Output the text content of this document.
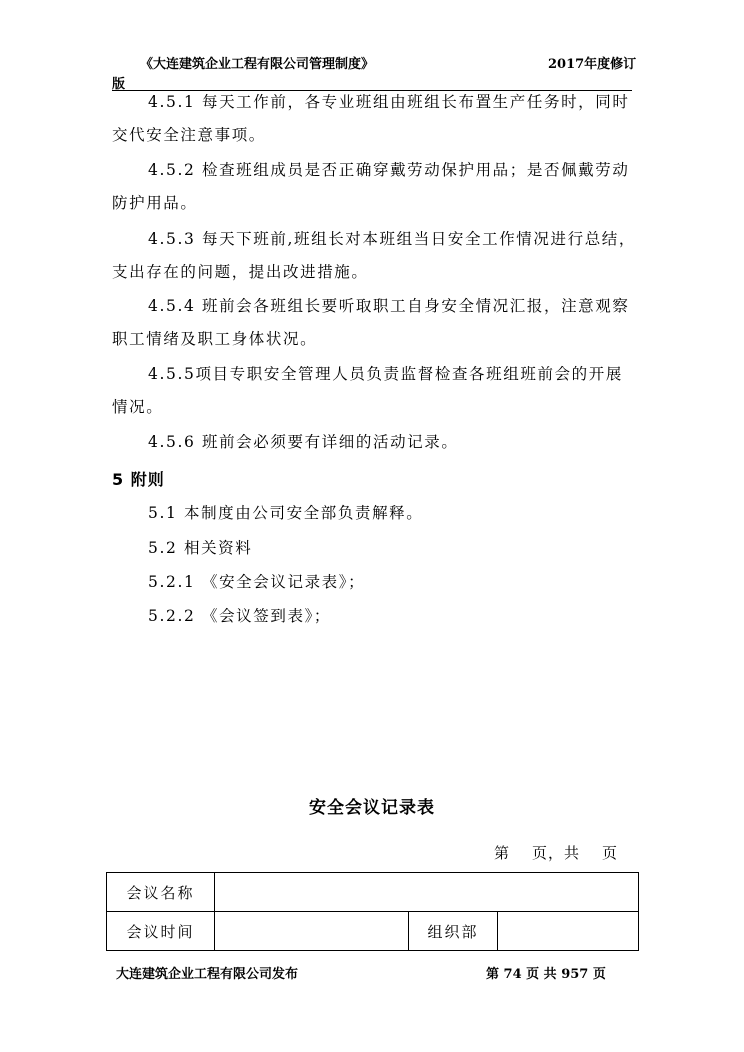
《大连建筑企业工程有限公司管理制度》	2017年度修订
版
4.5.1 每天工作前，各专业班组由班组长布置生产任务时，同时
交代安全注意事项。
4.5.2 检查班组成员是否正确穿戴劳动保护用品；是否佩戴劳动
防护用品。
4.5.3 每天下班前,班组长对本班组当日安全工作情况进行总结，
支出存在的问题，提出改进措施。
4.5.4 班前会各班组长要听取职工自身安全情况汇报，注意观察
职工情绪及职工身体状况。
4.5.5项目专职安全管理人员负责监督检查各班组班前会的开展
情况。
4.5.6 班前会必须要有详细的活动记录。
5 附则
5.1 本制度由公司安全部负责解释。
5.2 相关资料
5.2.1 《安全会议记录表》；
5.2.2 《会议签到表》；
安全会议记录表
第 页，共 页
会议名称			
会议时间		组织部	
大连建筑企业工程有限公司发布	第 74 页 共 957 页
